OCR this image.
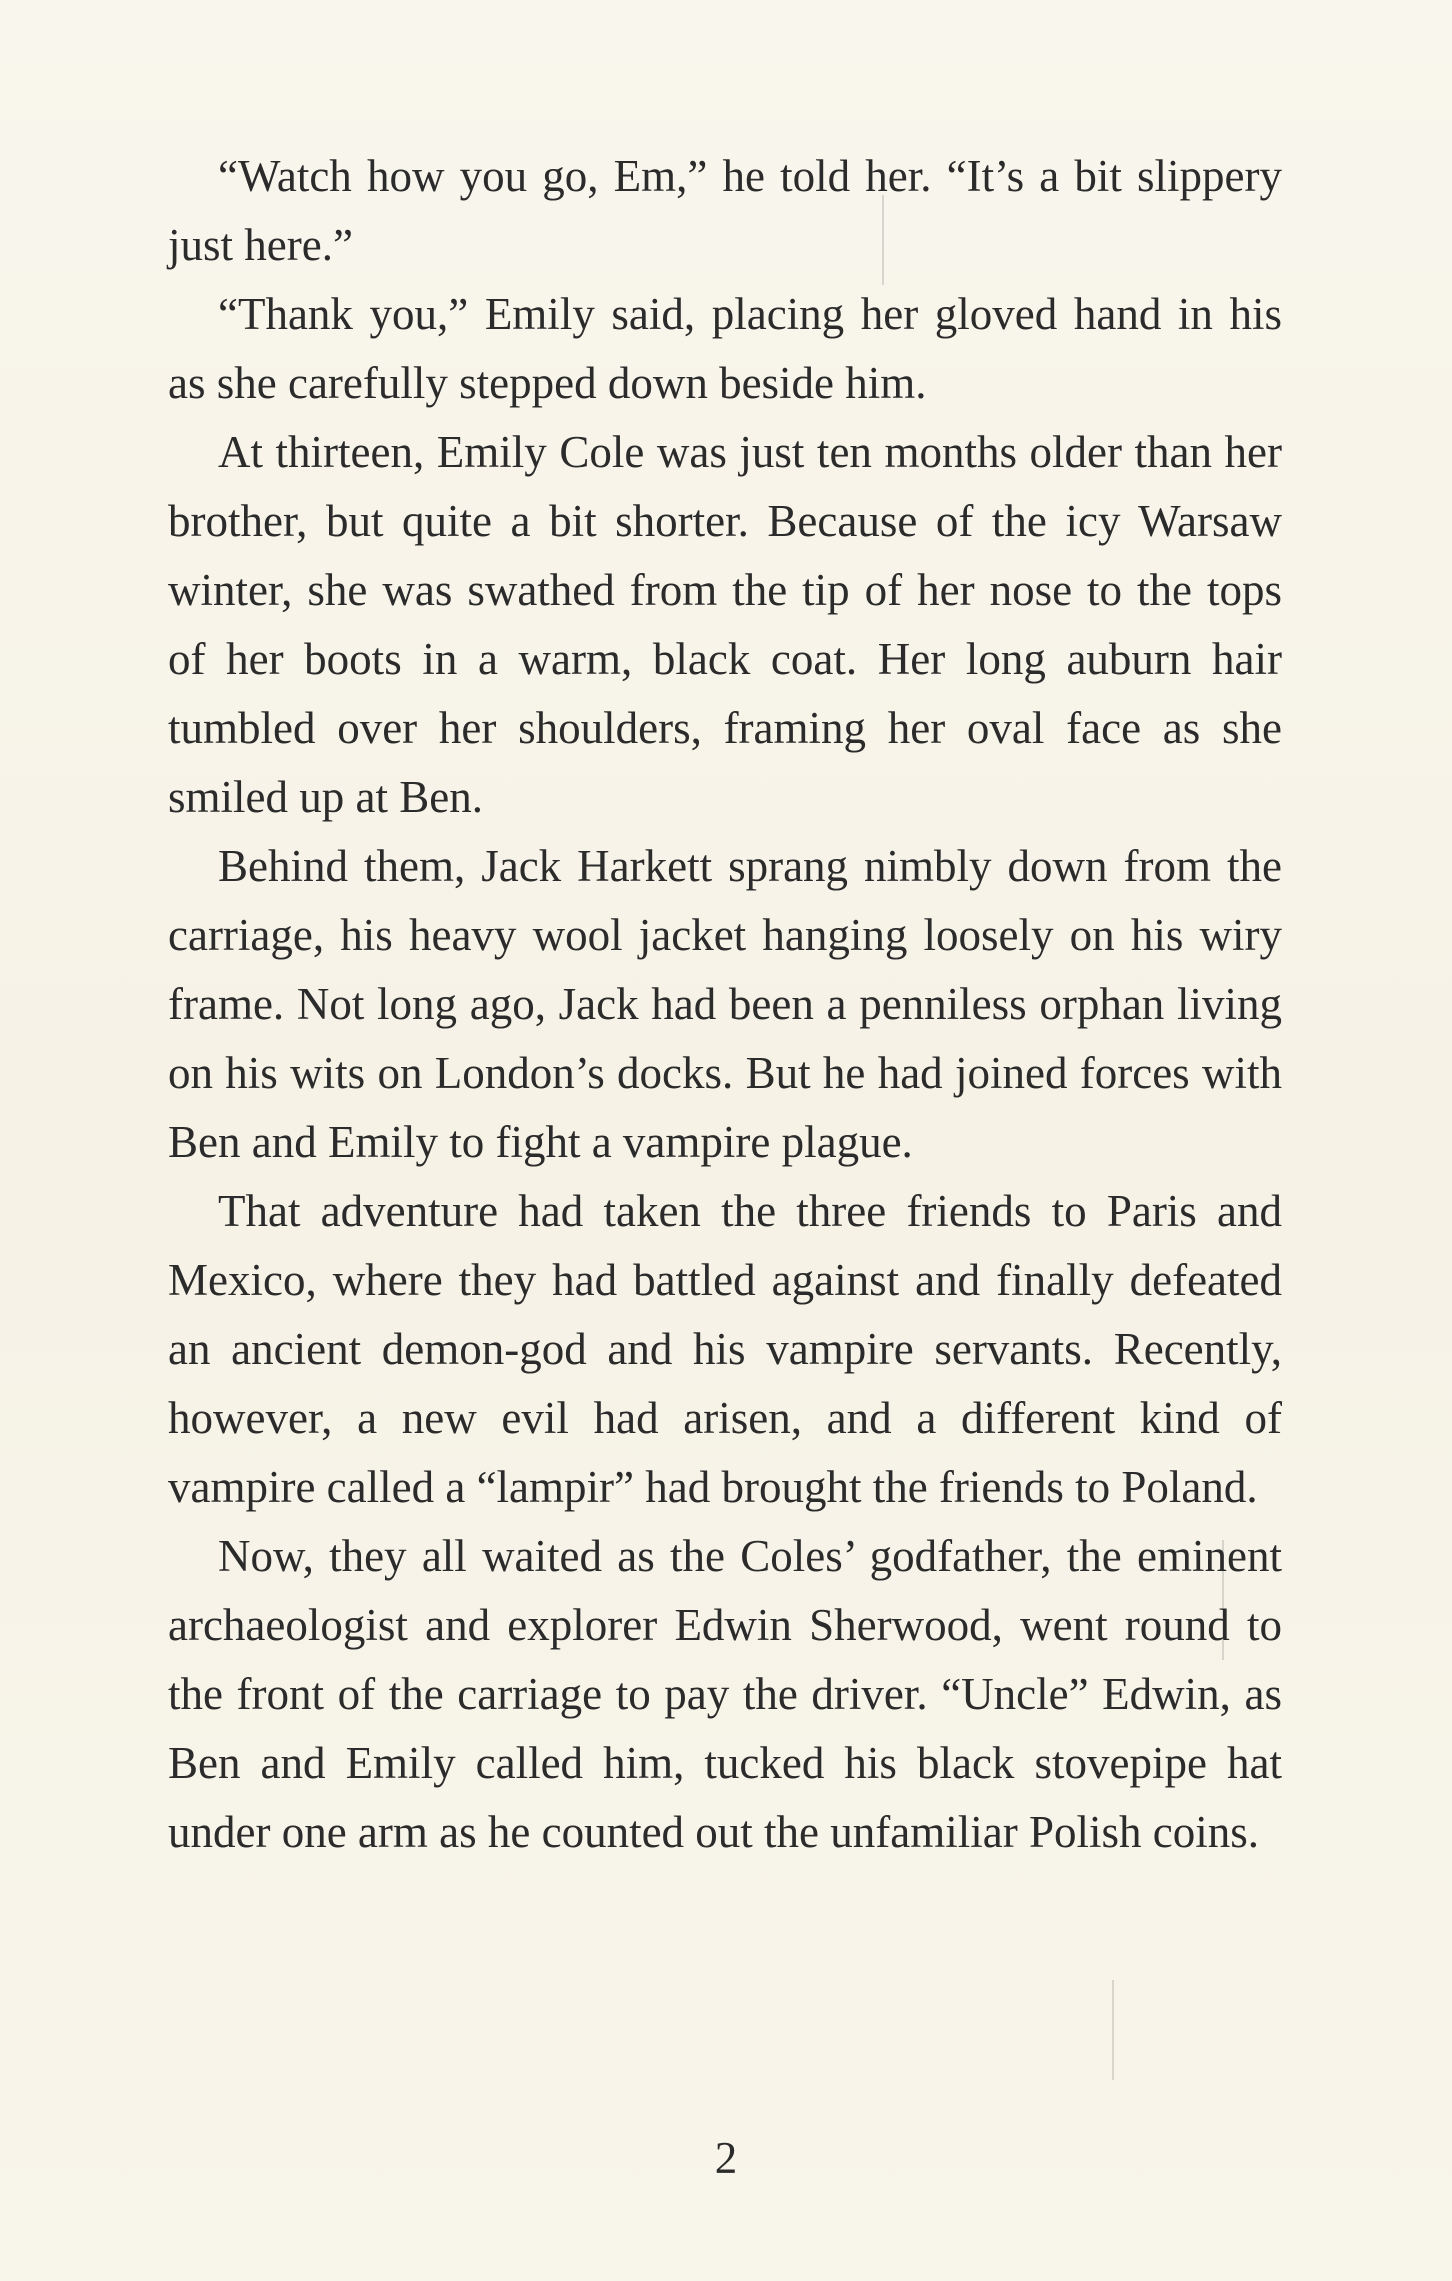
“Watch how you go, Em,” he told her. “It’s a bit slippery just here.”

“Thank you,” Emily said, placing her gloved hand in his as she carefully stepped down beside him.

At thirteen, Emily Cole was just ten months older than her brother, but quite a bit shorter. Because of the icy Warsaw winter, she was swathed from the tip of her nose to the tops of her boots in a warm, black coat. Her long auburn hair tumbled over her shoulders, framing her oval face as she smiled up at Ben.

Behind them, Jack Harkett sprang nimbly down from the carriage, his heavy wool jacket hanging loosely on his wiry frame. Not long ago, Jack had been a penniless orphan living on his wits on London’s docks. But he had joined forces with Ben and Emily to fight a vampire plague.

That adventure had taken the three friends to Paris and Mexico, where they had battled against and finally defeated an ancient demon-god and his vampire servants. Recently, however, a new evil had arisen, and a different kind of vampire called a “lampir” had brought the friends to Poland.

Now, they all waited as the Coles’ godfather, the eminent archaeologist and explorer Edwin Sherwood, went round to the front of the carriage to pay the driver. “Uncle” Edwin, as Ben and Emily called him, tucked his black stovepipe hat under one arm as he counted out the unfamiliar Polish coins.

2
